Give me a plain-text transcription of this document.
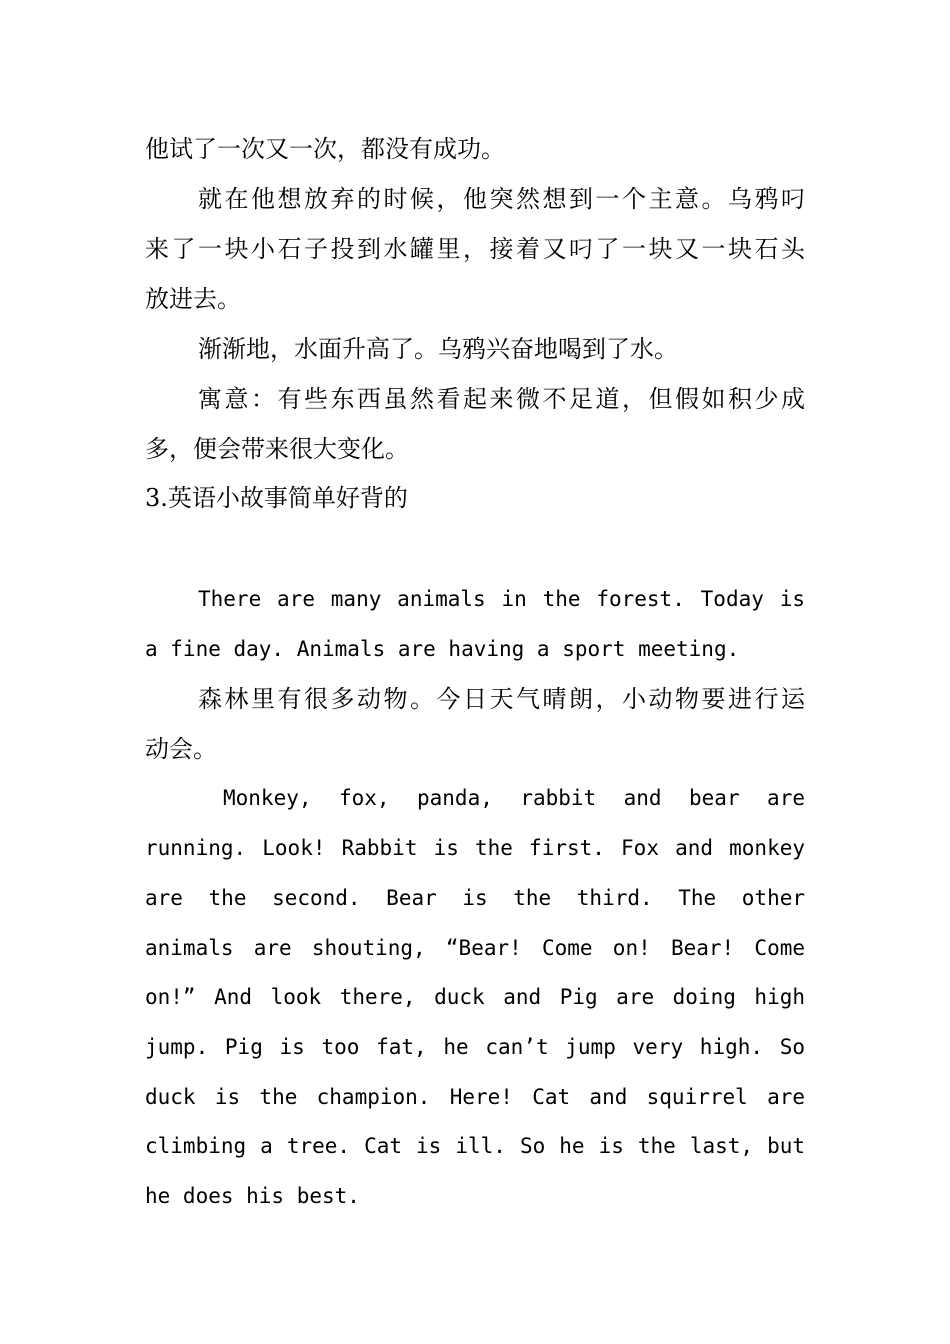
他试了一次又一次，都没有成功。
就在他想放弃的时候，他突然想到一个主意。乌鸦叼
来了一块小石子投到水罐里，接着又叼了一块又一块石头
放进去。
渐渐地，水面升高了。乌鸦兴奋地喝到了水。
寓意：有些东西虽然看起来微不足道，但假如积少成
多，便会带来很大变化。
3.英语小故事简单好背的
There are many animals in the forest. Today is
a fine day. Animals are having a sport meeting.
森林里有很多动物。今日天气晴朗，小动物要进行运
动会。
Monkey, fox, panda, rabbit and bear are
running. Look! Rabbit is the first. Fox and monkey
are the second. Bear is the third. The other
animals are shouting, “Bear! Come on! Bear! Come
on!” And look there, duck and Pig are doing high
jump. Pig is too fat, he can’t jump very high. So
duck is the champion. Here! Cat and squirrel are
climbing a tree. Cat is ill. So he is the last, but
he does his best.
